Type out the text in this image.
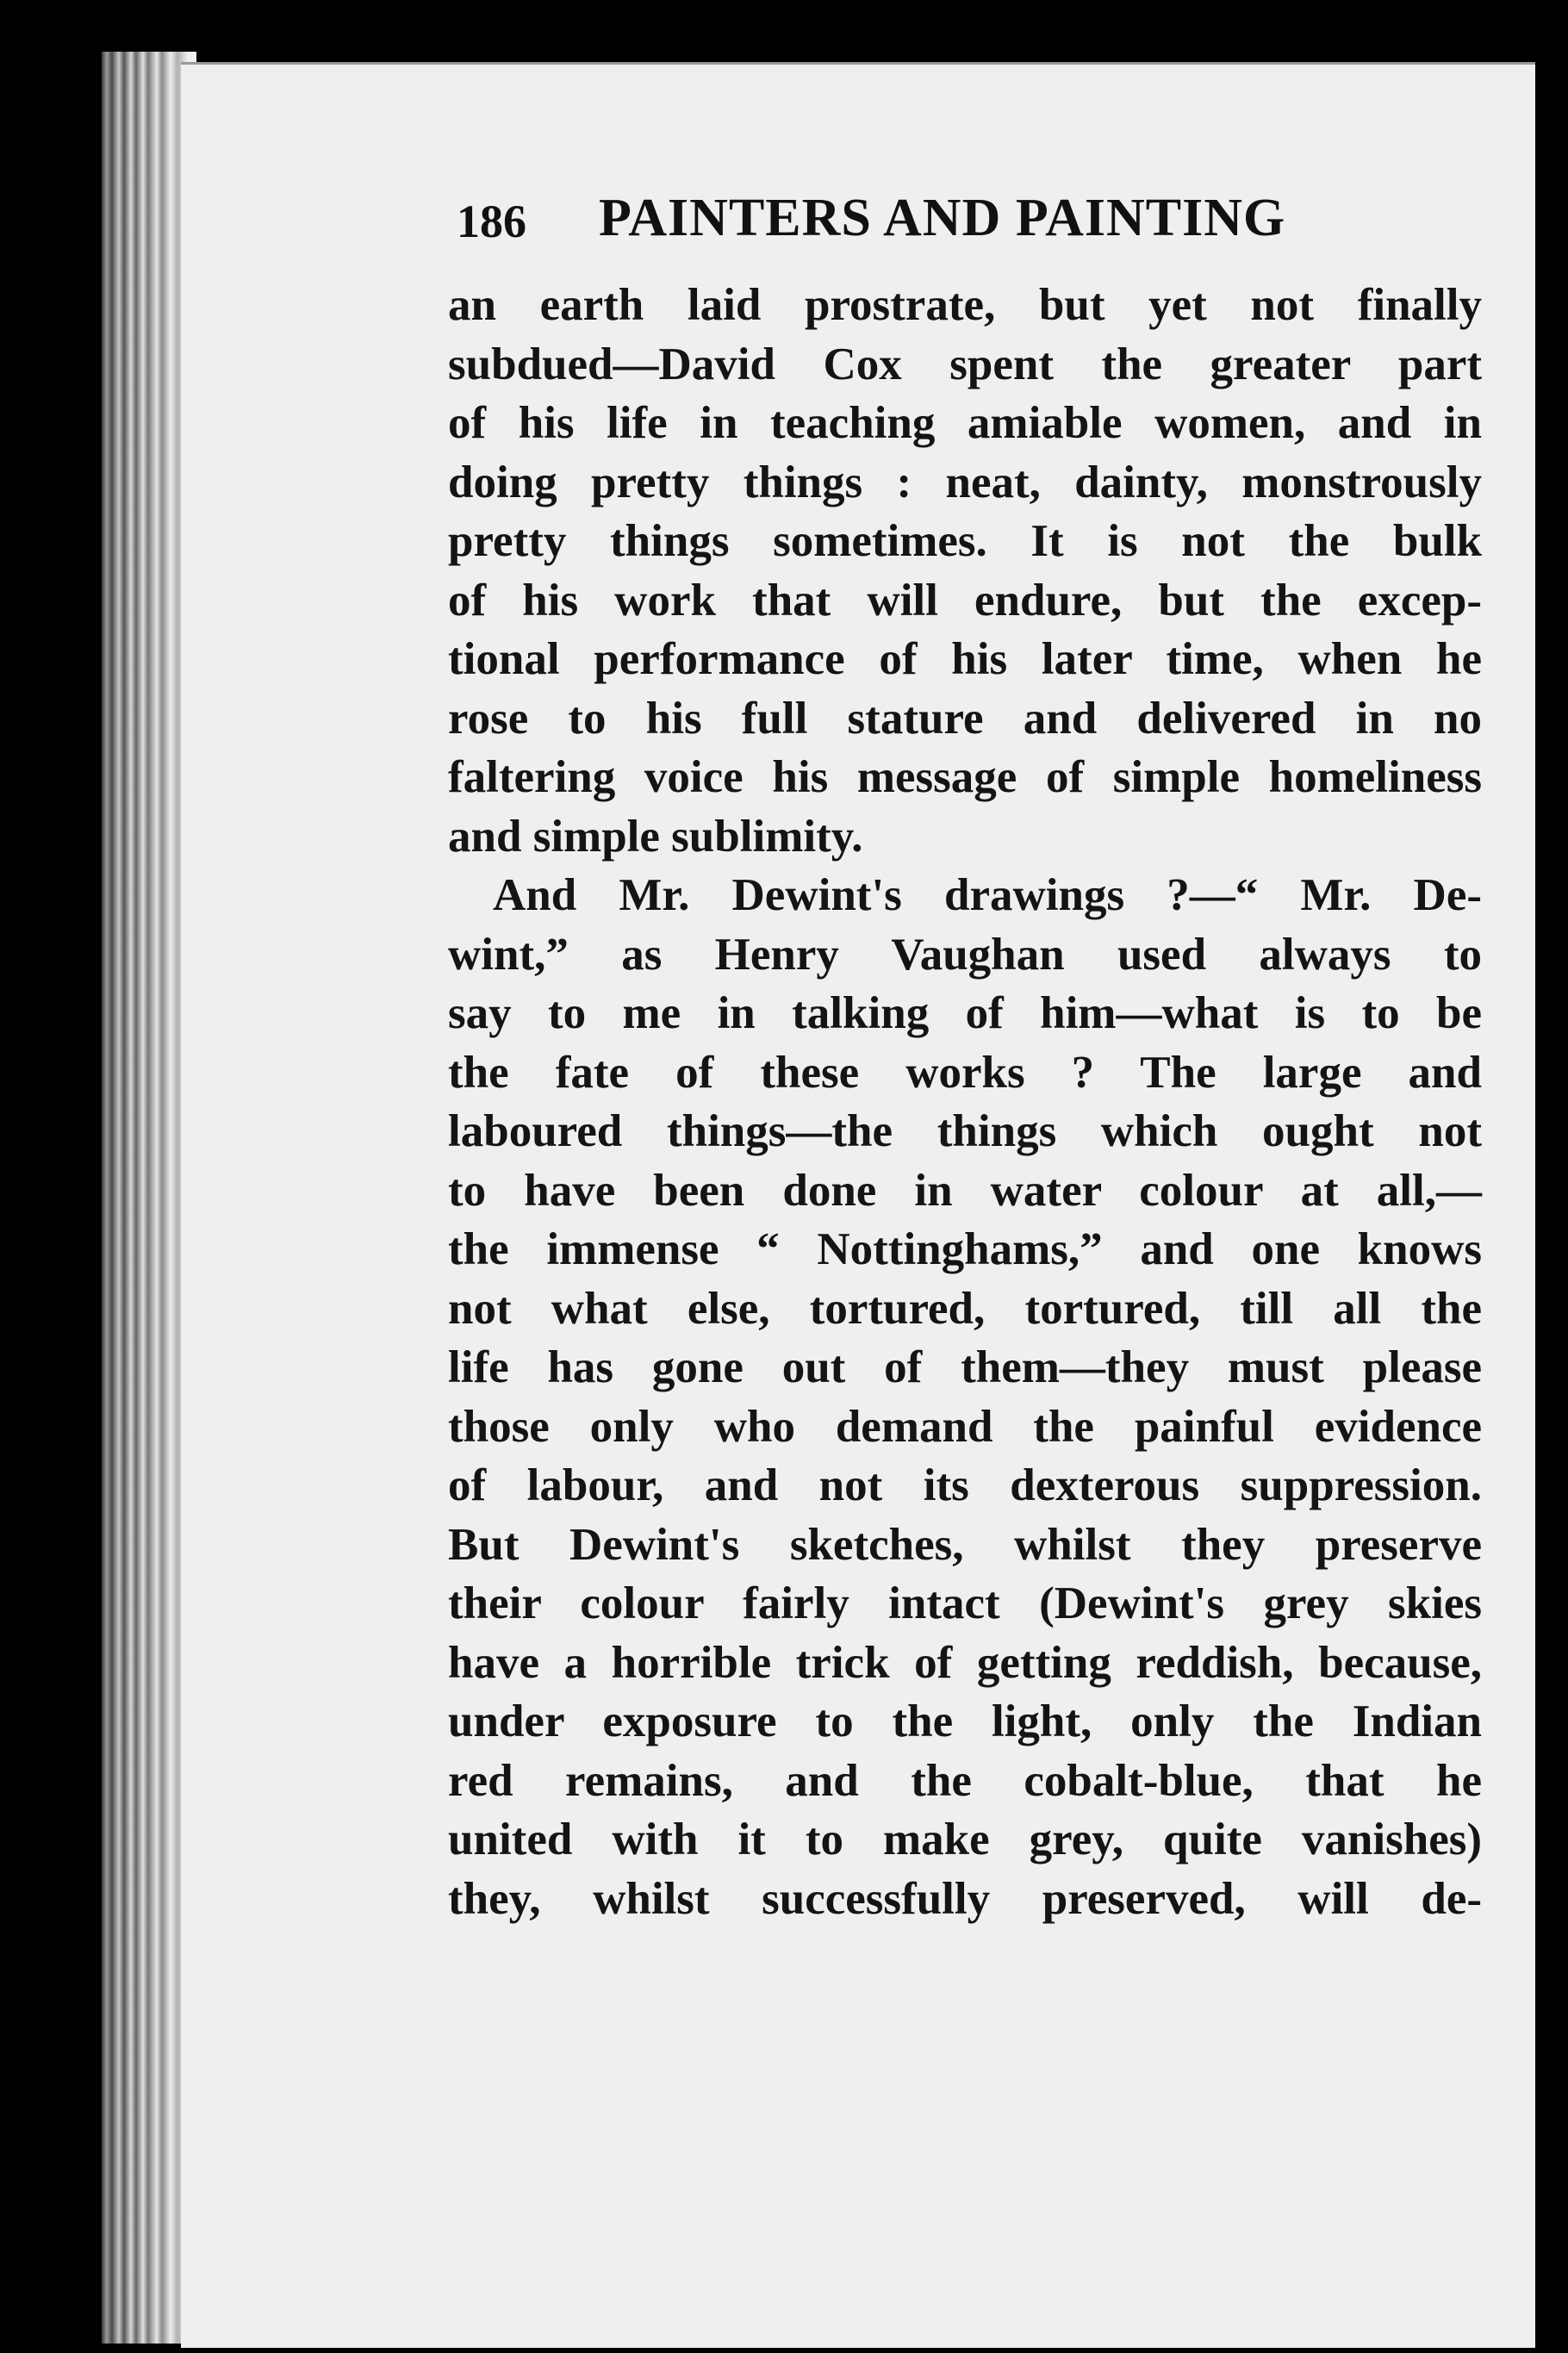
186 PAINTERS AND PAINTING
an earth laid prostrate, but yet not finally
subdued—David Cox spent the greater part
of his life in teaching amiable women, and in
doing pretty things : neat, dainty, monstrously
pretty things sometimes. It is not the bulk
of his work that will endure, but the excep-
tional performance of his later time, when he
rose to his full stature and delivered in no
faltering voice his message of simple homeliness
and simple sublimity.
And Mr. Dewint's drawings ?—“ Mr. De-
wint,” as Henry Vaughan used always to
say to me in talking of him—what is to be
the fate of these works ? The large and
laboured things—the things which ought not
to have been done in water colour at all,—
the immense “ Nottinghams,” and one knows
not what else, tortured, tortured, till all the
life has gone out of them—they must please
those only who demand the painful evidence
of labour, and not its dexterous suppression.
But Dewint's sketches, whilst they preserve
their colour fairly intact (Dewint's grey skies
have a horrible trick of getting reddish, because,
under exposure to the light, only the Indian
red remains, and the cobalt-blue, that he
united with it to make grey, quite vanishes)
they, whilst successfully preserved, will de-
